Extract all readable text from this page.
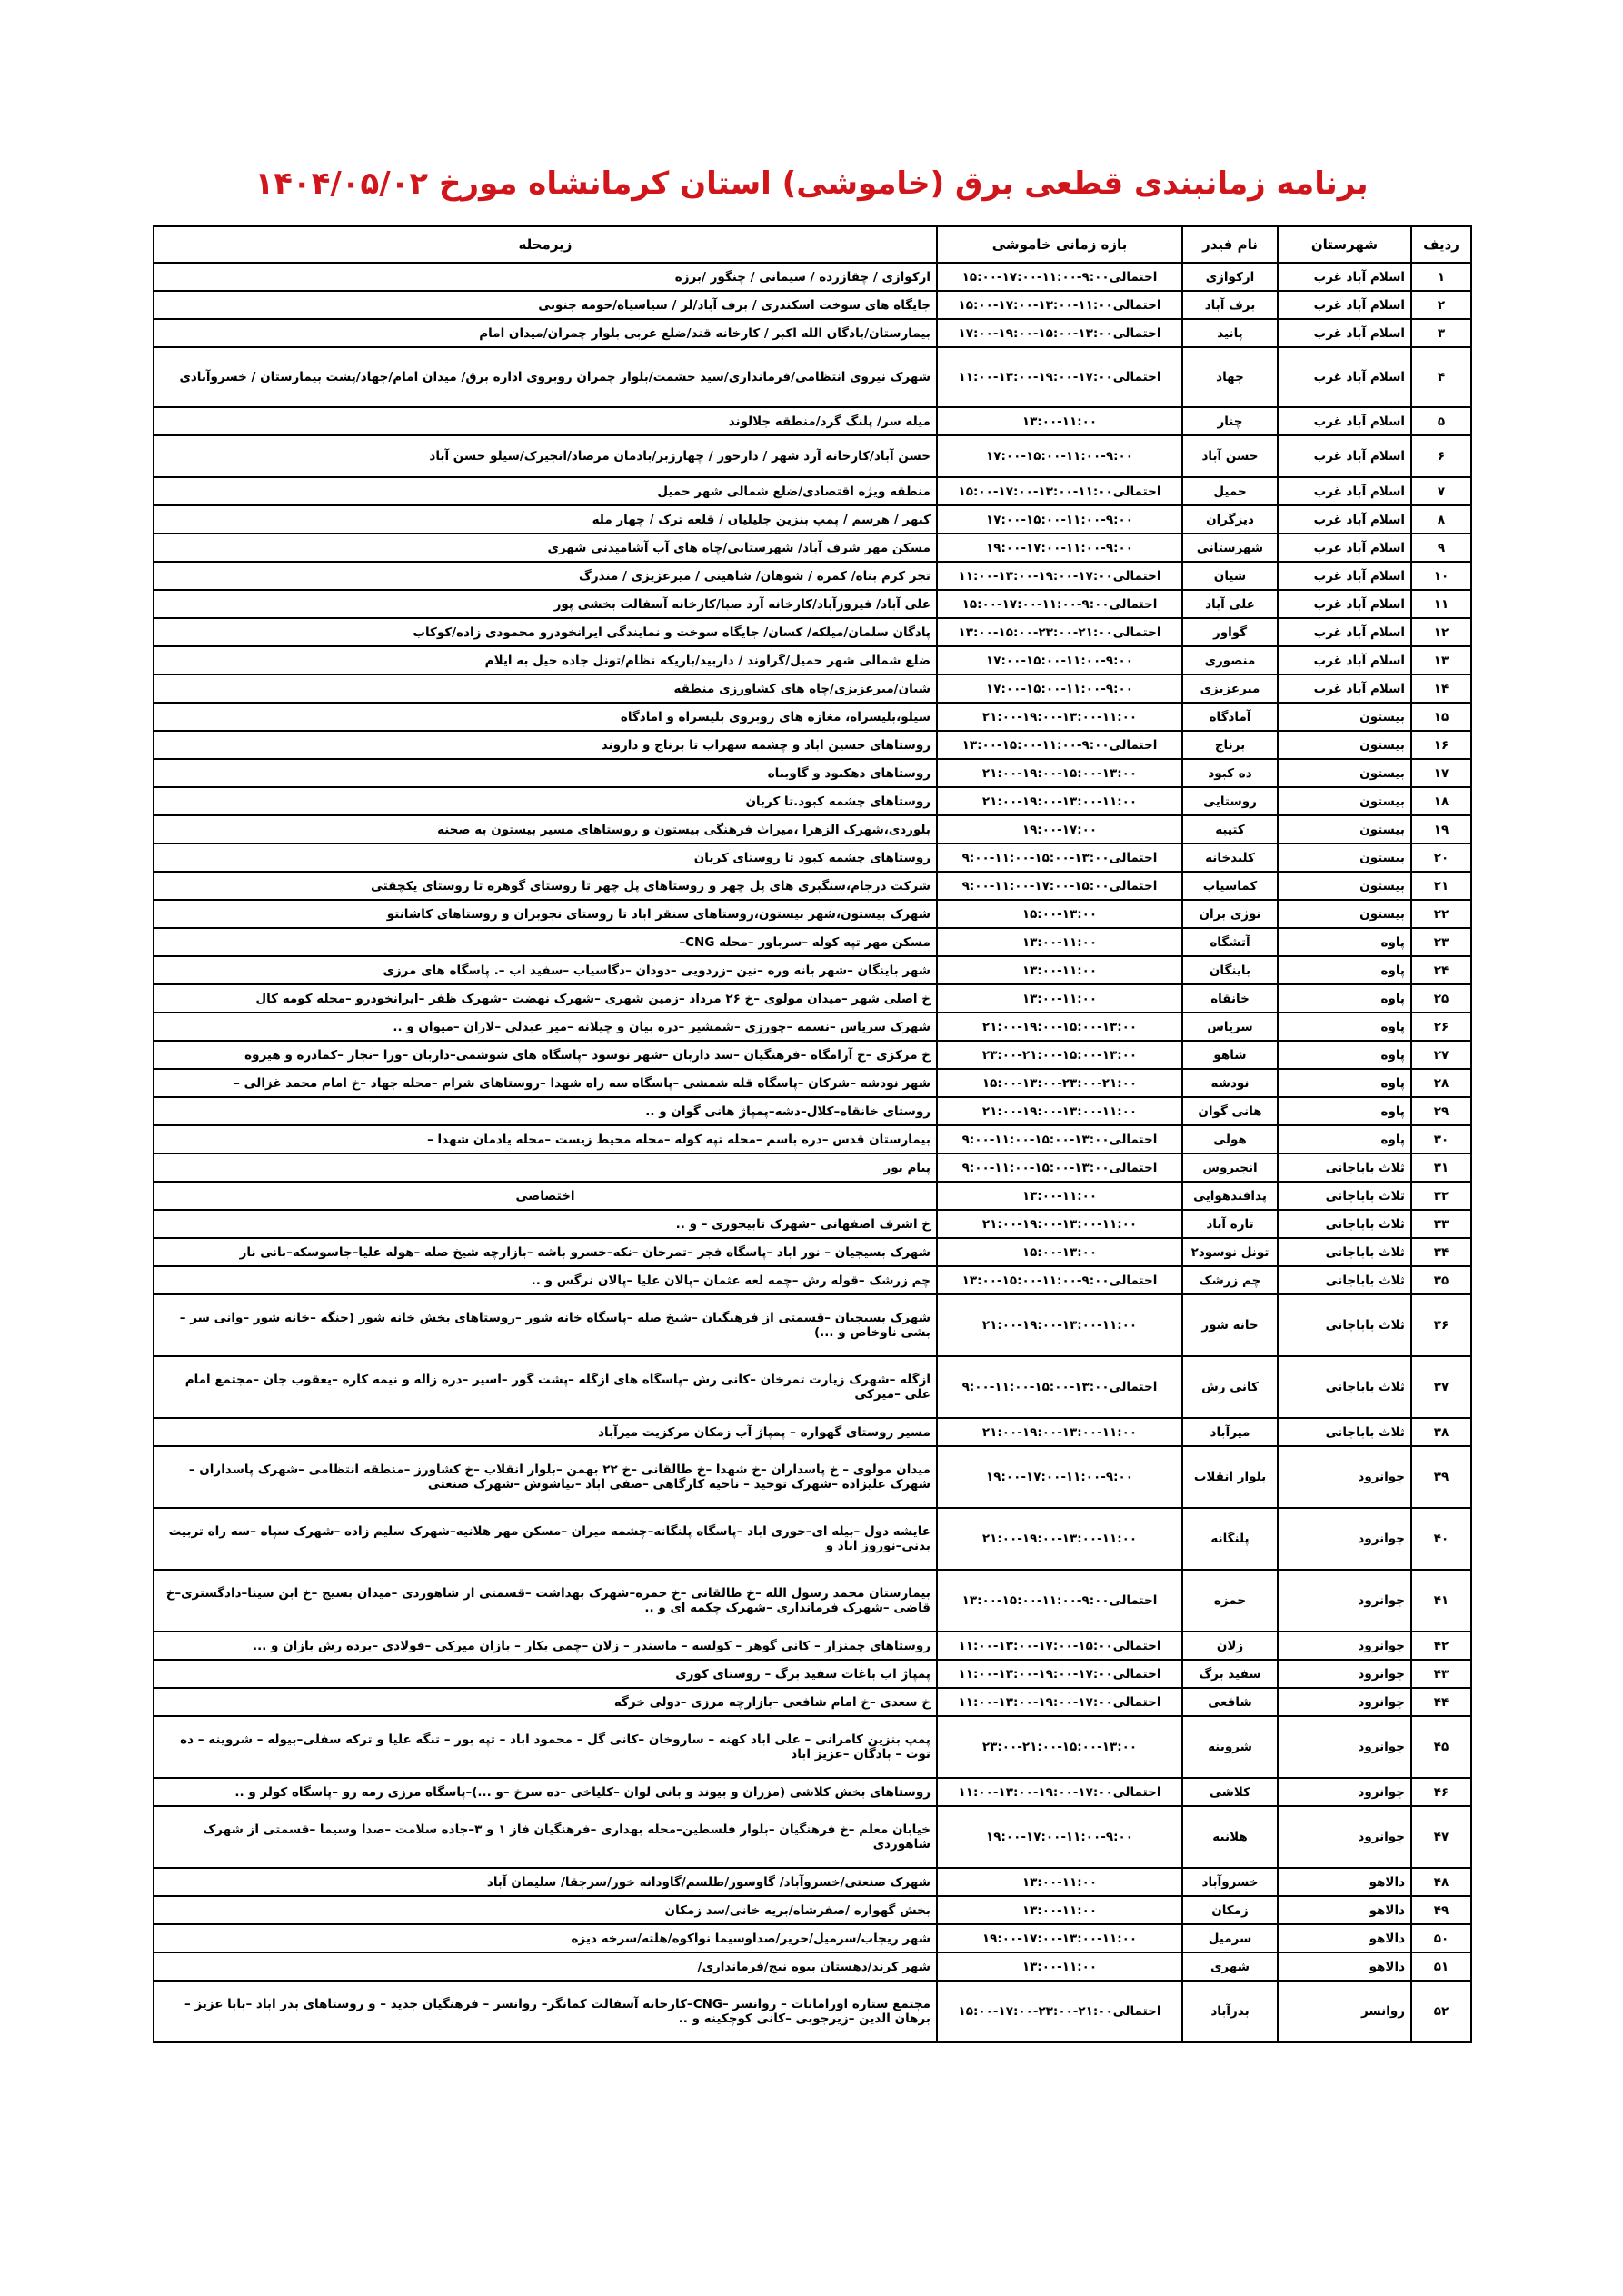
برنامه زمانبندی قطعی برق (خاموشی) استان کرمانشاه مورخ ۱۴۰۴/۰۵/۰۲
ردیف	شهرستان	نام فیدر	بازه زمانی خاموشی	زیرمحله
۱	اسلام آباد غرب	ارکوازی	احتمالی۹:۰۰-۱۱:۰۰-۱۷:۰۰-۱۵:۰۰	ارکوازی / چقازرده / سیمانی / چنگور /برزه
۲	اسلام آباد غرب	برف آباد	احتمالی۱۱:۰۰-۱۳:۰۰-۱۷:۰۰-۱۵:۰۰	جایگاه های سوخت اسکندری / برف آباد/لر / سیاسیاه/حومه جنوبی
۳	اسلام آباد غرب	پانید	احتمالی۱۳:۰۰-۱۵:۰۰-۱۹:۰۰-۱۷:۰۰	بیمارستان/بادگان الله اکبر / کارخانه قند/ضلع غربی بلوار چمران/میدان امام
۴	اسلام آباد غرب	جهاد	احتمالی۱۷:۰۰-۱۹:۰۰-۱۳:۰۰-۱۱:۰۰	شهرک نیروی انتظامی/فرمانداری/سید حشمت/بلوار چمران روبروی اداره برق/ میدان امام/جهاد/پشت بیمارستان / خسروآبادی
۵	اسلام آباد غرب	چنار	۱۳:۰۰-۱۱:۰۰	میله سر/ پلنگ گرد/منطقه جلالوند
۶	اسلام آباد غرب	حسن آباد	۱۷:۰۰-۱۵:۰۰-۱۱:۰۰-۹:۰۰	حسن آباد/کارخانه آرد شهر / دارخور / چهارزبر/بادمان مرصاد/انجیرک/سیلو حسن آباد
۷	اسلام آباد غرب	حمیل	احتمالی۱۱:۰۰-۱۳:۰۰-۱۷:۰۰-۱۵:۰۰	منطقه ویژه اقتصادی/ضلع شمالی شهر حمیل
۸	اسلام آباد غرب	دیزگران	۱۷:۰۰-۱۵:۰۰-۱۱:۰۰-۹:۰۰	کنهر / هرسم / پمپ بنزین جلیلیان / قلعه ترک / چهار مله
۹	اسلام آباد غرب	شهرستانی	۱۹:۰۰-۱۷:۰۰-۱۱:۰۰-۹:۰۰	مسکن مهر شرف آباد/ شهرستانی/چاه های آب آشامیدنی شهری
۱۰	اسلام آباد غرب	شیان	احتمالی۱۷:۰۰-۱۹:۰۰-۱۳:۰۰-۱۱:۰۰	تجر کرم بناه/ کمره / شوهان/ شاهینی / میرعزیزی / مندرگ
۱۱	اسلام آباد غرب	علی آباد	احتمالی۹:۰۰-۱۱:۰۰-۱۷:۰۰-۱۵:۰۰	علی آباد/ فیروزآباد/کارخانه آرد صبا/کارخانه آسفالت بخشی پور
۱۲	اسلام آباد غرب	گواور	احتمالی۲۱:۰۰-۲۳:۰۰-۱۵:۰۰-۱۳:۰۰	پادگان سلمان/میلکه/ کسان/ جایگاه سوخت و نمایندگی ایرانخودرو محمودی زاده/کوکاب
۱۳	اسلام آباد غرب	منصوری	۱۷:۰۰-۱۵:۰۰-۱۱:۰۰-۹:۰۰	ضلع شمالی شهر حمیل/گراوند / داربید/باریکه نظام/تونل جاده حیل به ایلام
۱۴	اسلام آباد غرب	میرعزیزی	۱۷:۰۰-۱۵:۰۰-۱۱:۰۰-۹:۰۰	شیان/میرعزیزی/چاه های کشاورزی منطقه
۱۵	بیستون	آمادگاه	۲۱:۰۰-۱۹:۰۰-۱۳:۰۰-۱۱:۰۰	سیلو،بلیسراه، مغازه های روبروی بلیسراه و امادگاه
۱۶	بیستون	برناج	احتمالی۹:۰۰-۱۱:۰۰-۱۵:۰۰-۱۳:۰۰	روستاهای حسین اباد و چشمه سهراب تا برناج و داروند
۱۷	بیستون	ده کبود	۲۱:۰۰-۱۹:۰۰-۱۵:۰۰-۱۳:۰۰	روستاهای دهکبود و گاوبناه
۱۸	بیستون	روستایی	۲۱:۰۰-۱۹:۰۰-۱۳:۰۰-۱۱:۰۰	روستاهای چشمه کبود.تا کربان
۱۹	بیستون	کتیبه	۱۹:۰۰-۱۷:۰۰	بلوردی،شهرک الزهرا ،میراث فرهنگی بیستون و روستاهای مسیر بیستون به صحنه
۲۰	بیستون	کلیدخانه	احتمالی۱۳:۰۰-۱۵:۰۰-۱۱:۰۰-۹:۰۰	روستاهای چشمه کبود تا روستای کربان
۲۱	بیستون	کماسیاب	احتمالی۱۵:۰۰-۱۷:۰۰-۱۱:۰۰-۹:۰۰	شرکت درجام،سنگبری های پل چهر و روستاهای پل چهر تا روستای گوهره تا روستای یکچقتی
۲۲	بیستون	نوژی بران	۱۵:۰۰-۱۳:۰۰	شهرک بیستون،شهر بیستون،روستاهای سنقر اباد تا روستای نجوبران و روستاهای کاشانتو
۲۳	پاوه	آتشگاه	۱۳:۰۰-۱۱:۰۰	مسکن مهر تپه کوله –سرباور –محله CNG–
۲۴	پاوه	باینگان	۱۳:۰۰-۱۱:۰۰	شهر باینگان –شهر بانه وره –نین –زردویی –دودان –دگاسیاب –سفید اب –. پاسگاه های مرزی
۲۵	پاوه	خانقاه	۱۳:۰۰-۱۱:۰۰	خ اصلی شهر –میدان مولوی –خ ۲۶ مرداد –زمین شهری –شهرک نهضت –شهرک ظفر –ایرانخودرو –محله کومه کال
۲۶	پاوه	سریاس	۲۱:۰۰-۱۹:۰۰-۱۵:۰۰-۱۳:۰۰	شهرک سریاس –نسمه –چورزی –شمشیر –دره بیان و چیلانه –میر عبدلی –لاران –میوان و ..
۲۷	پاوه	شاهو	۲۳:۰۰-۲۱:۰۰-۱۵:۰۰-۱۳:۰۰	خ مرکزی –خ آرامگاه –فرهنگیان –سد داربان –شهر نوسود –پاسگاه های شوشمی–داربان –ورا –نجار –کمادره و هیروه
۲۸	پاوه	نودشه	۱۵:۰۰-۱۳:۰۰-۲۳:۰۰-۲۱:۰۰	شهر نودشه –شرکان –پاسگاه قله شمشی –پاسگاه سه راه شهدا –روستاهای شرام –محله جهاد –خ امام محمد غزالی –
۲۹	پاوه	هانی گوان	۲۱:۰۰-۱۹:۰۰-۱۳:۰۰-۱۱:۰۰	روستای خانقاه–کلال–دشه–پمپاژ هانی گوان و ..
۳۰	پاوه	هولی	احتمالی۱۳:۰۰-۱۵:۰۰-۱۱:۰۰-۹:۰۰	بیمارستان قدس –دره باسم –محله تپه کوله –محله محیط زیست –محله یادمان شهدا –
۳۱	ثلاث باباجانی	انجیروس	احتمالی۱۳:۰۰-۱۵:۰۰-۱۱:۰۰-۹:۰۰	پیام نور
۳۲	ثلاث باباجانی	پدافندهوایی	۱۳:۰۰-۱۱:۰۰	اختصاصی
۳۳	ثلاث باباجانی	تازه آباد	۲۱:۰۰-۱۹:۰۰-۱۳:۰۰-۱۱:۰۰	خ اشرف اصفهانی –شهرک تابیجوزی – و ..
۳۴	ثلاث باباجانی	تونل نوسود۲	۱۵:۰۰-۱۳:۰۰	شهرک بسیجیان – نور اباد –پاسگاه فجر –تمرخان –نکه–خسرو باشه –بازارچه شیخ صله –هوله علیا–جاسوسکه–بانی نار
۳۵	ثلاث باباجانی	چم زرشک	احتمالی۹:۰۰-۱۱:۰۰-۱۵:۰۰-۱۳:۰۰	چم زرشک –قوله رش –چمه لعه عثمان –پالان علیا –پالان نرگس و ..
۳۶	ثلاث باباجانی	خانه شور	۲۱:۰۰-۱۹:۰۰-۱۳:۰۰-۱۱:۰۰	شهرک بسیجیان –قسمتی از فرهنگیان –شیخ صله –پاسگاه خانه شور –روستاهای بخش خانه شور (جنگه –خانه شور –وانی سر –بشی ناوخاص و ...)
۳۷	ثلاث باباجانی	کانی رش	احتمالی۱۳:۰۰-۱۵:۰۰-۱۱:۰۰-۹:۰۰	ازگله –شهرک زیارت تمرخان –کانی رش –پاسگاه های ازگله –پشت گور –اسیر –دره زاله و نیمه کاره –یعقوب جان –مجتمع امام علی –میرکی
۳۸	ثلاث باباجانی	میرآباد	۲۱:۰۰-۱۹:۰۰-۱۳:۰۰-۱۱:۰۰	مسیر روستای گهواره – پمپاژ آب زمکان مرکزیت میرآباد
۳۹	جوانرود	بلوار انقلاب	۱۹:۰۰-۱۷:۰۰-۱۱:۰۰-۹:۰۰	میدان مولوی – خ پاسداران –خ شهدا –خ طالقانی –خ ۲۲ بهمن –بلوار انقلاب –خ کشاورز –منطقه انتظامی –شهرک پاسداران –شهرک علیزاده –شهرک توحید – ناحیه کارگاهی –صفی اباد –بیاشوش –شهرک صنعتی
۴۰	جوانرود	پلنگانه	۲۱:۰۰-۱۹:۰۰-۱۳:۰۰-۱۱:۰۰	عایشه دول –بیله ای–حوری اباد –پاسگاه پلنگانه–چشمه میران –مسکن مهر هلانیه–شهرک سلیم زاده –شهرک سپاه –سه راه تربیت بدنی–نوروز اباد و
۴۱	جوانرود	حمزه	احتمالی۹:۰۰-۱۱:۰۰-۱۵:۰۰-۱۳:۰۰	بیمارستان محمد رسول الله –خ طالقانی –خ حمزه–شهرک بهداشت –قسمتی از شاهوردی –میدان بسیج –خ ابن سینا–دادگستری–خ قاضی –شهرک فرمانداری –شهرک چکمه ای و ..
۴۲	جوانرود	زلان	احتمالی۱۵:۰۰-۱۷:۰۰-۱۳:۰۰-۱۱:۰۰	روستاهای چمنزار – کانی گوهر – کولسه – ماسندر – زلان –چمی بکار – بازان میرکی –فولادی –برده رش بازان و ...
۴۳	جوانرود	سفید برگ	احتمالی۱۷:۰۰-۱۹:۰۰-۱۳:۰۰-۱۱:۰۰	پمپاژ اب باغات سفید برگ – روستای کوری
۴۴	جوانرود	شافعی	احتمالی۱۷:۰۰-۱۹:۰۰-۱۳:۰۰-۱۱:۰۰	خ سعدی –خ امام شافعی –بازارچه مرزی –دولی خرگه
۴۵	جوانرود	شروینه	۲۳:۰۰-۲۱:۰۰-۱۵:۰۰-۱۳:۰۰	پمپ بنزین کامرانی – علی اباد کهنه – ساروخان –کانی گل – محمود اباد – تپه بور – تنگه علیا و ترکه سفلی–بیوله – شروینه – ده توت – بادگان –عزیز اباد
۴۶	جوانرود	کلاشی	احتمالی۱۷:۰۰-۱۹:۰۰-۱۳:۰۰-۱۱:۰۰	روستاهای بخش کلاشی (مزران و بیوند و بانی لوان –کلیاخی –ده سرخ –و ...)–پاسگاه مرزی رمه رو –پاسگاه کولر و ..
۴۷	جوانرود	هلانیه	۱۹:۰۰-۱۷:۰۰-۱۱:۰۰-۹:۰۰	خیابان معلم –خ فرهنگیان –بلوار فلسطین–محله بهداری –فرهنگیان فاز ۱ و ۳–جاده سلامت –صدا وسیما –قسمتی از شهرک شاهوردی
۴۸	دالاهو	خسروآباد	۱۳:۰۰-۱۱:۰۰	شهرک صنعتی/خسروآباد/ گاوسور/طلسم/گاودانه خور/سرجقا/ سلیمان آباد
۴۹	دالاهو	زمکان	۱۳:۰۰-۱۱:۰۰	بخش گهواره /صفرشاه/بریه خانی/سد زمکان
۵۰	دالاهو	سرمیل	۱۹:۰۰-۱۷:۰۰-۱۳:۰۰-۱۱:۰۰	شهر ریجاب/سرمیل/حریر/صداوسیما نواکوه/هلته/سرخه دیزه
۵۱	دالاهو	شهری	۱۳:۰۰-۱۱:۰۰	شهر کرند/دهستان بیوه نیج/فرمانداری/
۵۲	روانسر	بدرآباد	احتمالی۲۱:۰۰-۲۳:۰۰-۱۷:۰۰-۱۵:۰۰	مجتمع ستاره اورامانات – روانسر –CNG–کارخانه آسفالت کمانگر– روانسر – فرهنگیان جدید – و روستاهای بدر اباد –بابا عزیز – برهان الدین –زیرجوبی –کانی کوچکینه و ..
